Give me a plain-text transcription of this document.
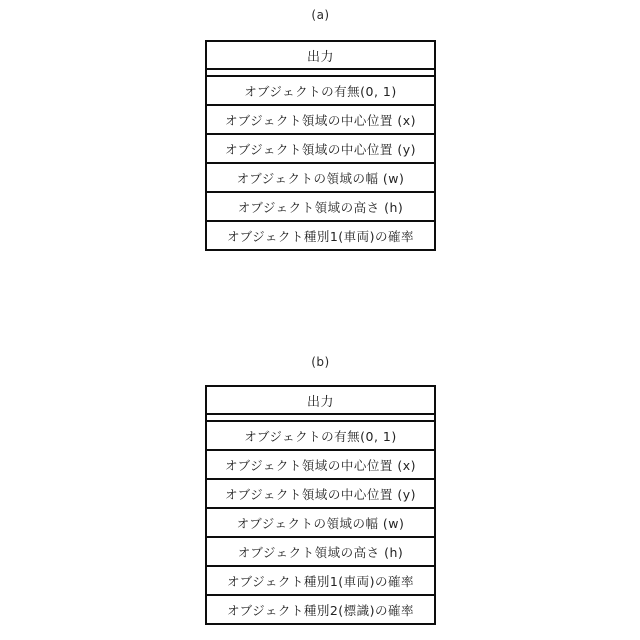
(a)
出力
オブジェクトの有無(0, 1)
オブジェクト領域の中心位置 (x)
オブジェクト領域の中心位置 (y)
オブジェクトの領域の幅 (w)
オブジェクト領域の高さ (h)
オブジェクト種別1(車両)の確率
(b)
出力
オブジェクトの有無(0, 1)
オブジェクト領域の中心位置 (x)
オブジェクト領域の中心位置 (y)
オブジェクトの領域の幅 (w)
オブジェクト領域の高さ (h)
オブジェクト種別1(車両)の確率
オブジェクト種別2(標識)の確率
